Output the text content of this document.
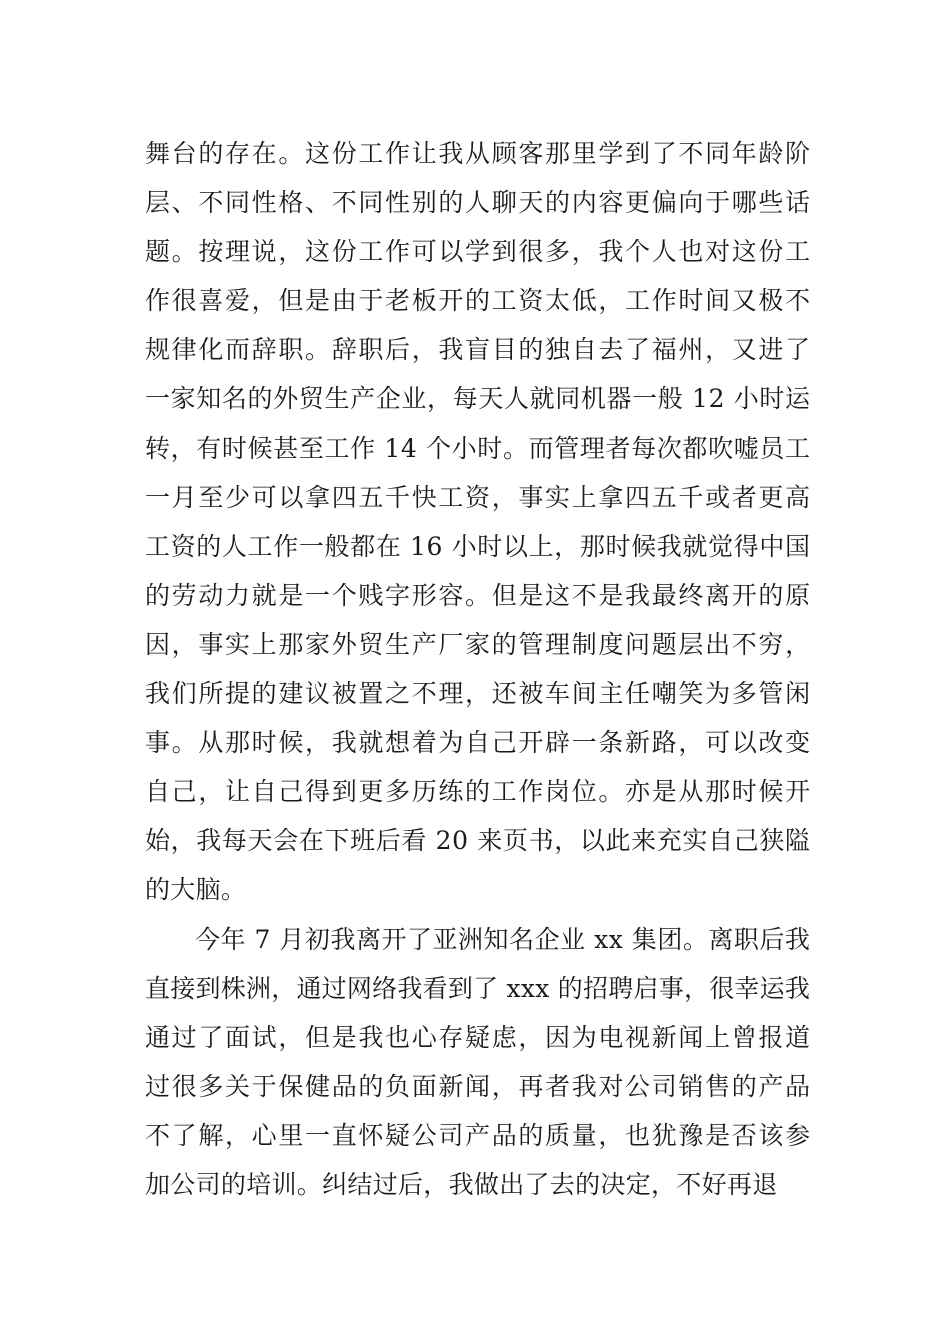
舞台的存在。这份工作让我从顾客那里学到了不同年龄阶
层、不同性格、不同性别的人聊天的内容更偏向于哪些话
题。按理说，这份工作可以学到很多，我个人也对这份工
作很喜爱，但是由于老板开的工资太低，工作时间又极不
规律化而辞职。辞职后，我盲目的独自去了福州，又进了
一家知名的外贸生产企业，每天人就同机器一般 12 小时运
转，有时候甚至工作 14 个小时。而管理者每次都吹嘘员工
一月至少可以拿四五千快工资，事实上拿四五千或者更高
工资的人工作一般都在 16 小时以上，那时候我就觉得中国
的劳动力就是一个贱字形容。但是这不是我最终离开的原
因，事实上那家外贸生产厂家的管理制度问题层出不穷，
我们所提的建议被置之不理，还被车间主任嘲笑为多管闲
事。从那时候，我就想着为自己开辟一条新路，可以改变
自己，让自己得到更多历练的工作岗位。亦是从那时候开
始，我每天会在下班后看 20 来页书，以此来充实自己狭隘
的大脑。
今年 7 月初我离开了亚洲知名企业 xx 集团。离职后我
直接到株洲，通过网络我看到了 xxx 的招聘启事，很幸运我
通过了面试，但是我也心存疑虑，因为电视新闻上曾报道
过很多关于保健品的负面新闻，再者我对公司销售的产品
不了解，心里一直怀疑公司产品的质量，也犹豫是否该参
加公司的培训。纠结过后，我做出了去的决定，不好再退
